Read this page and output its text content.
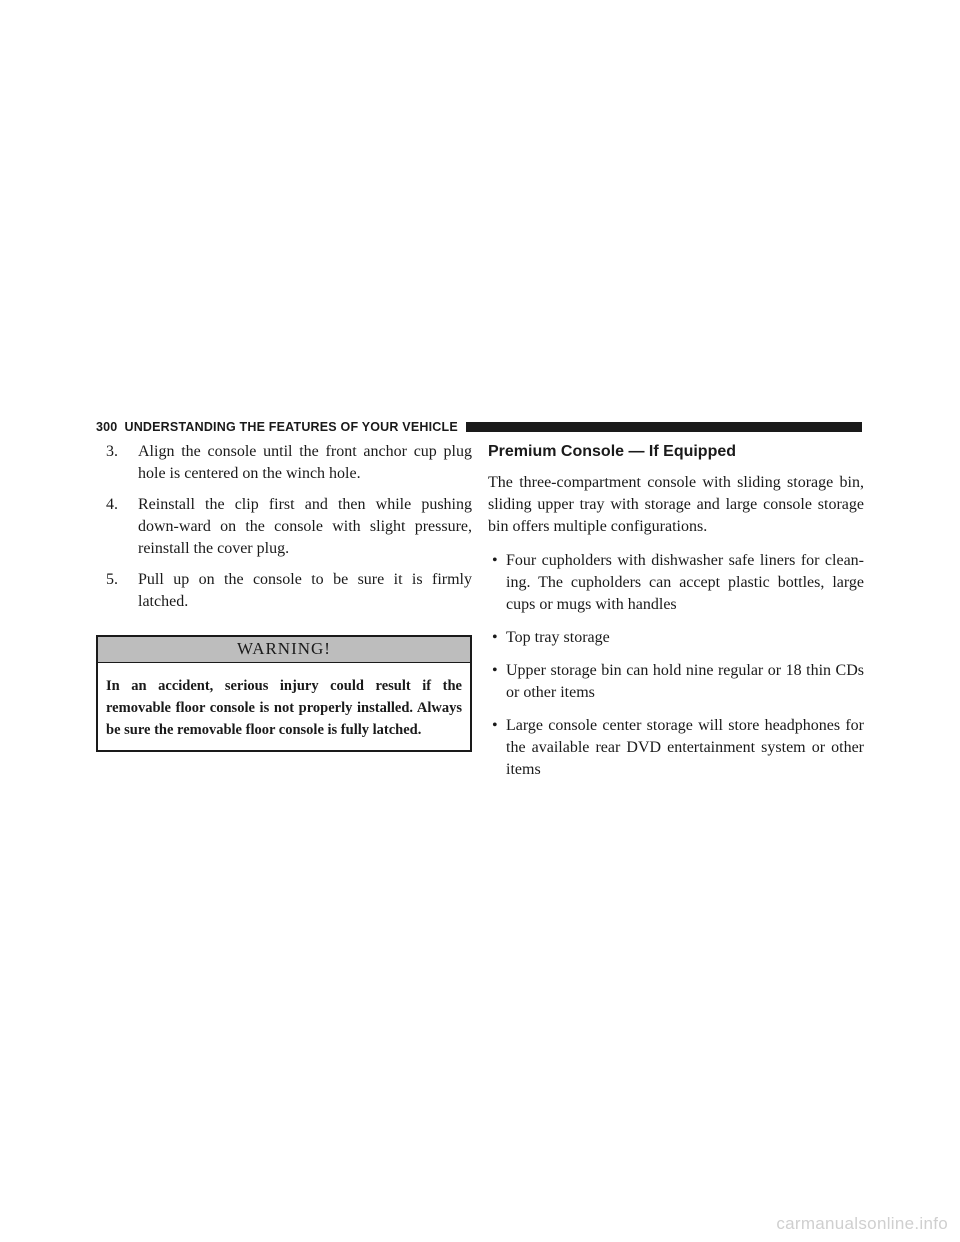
300 UNDERSTANDING THE FEATURES OF YOUR VEHICLE
3.	Align the console until the front anchor cup plug hole is centered on the winch hole.
4.	Reinstall the clip first and then while pushing down-ward on the console with slight pressure, reinstall the cover plug.
5.	Pull up on the console to be sure it is firmly latched.
WARNING!
In an accident, serious injury could result if the removable floor console is not properly installed. Always be sure the removable floor console is fully latched.
Premium Console — If Equipped
The three-compartment console with sliding storage bin, sliding upper tray with storage and large console storage bin offers multiple configurations.
• Four cupholders with dishwasher safe liners for clean-ing. The cupholders can accept plastic bottles, large cups or mugs with handles
• Top tray storage
• Upper storage bin can hold nine regular or 18 thin CDs or other items
• Large console center storage will store headphones for the available rear DVD entertainment system or other items
carmanualsonline.info
